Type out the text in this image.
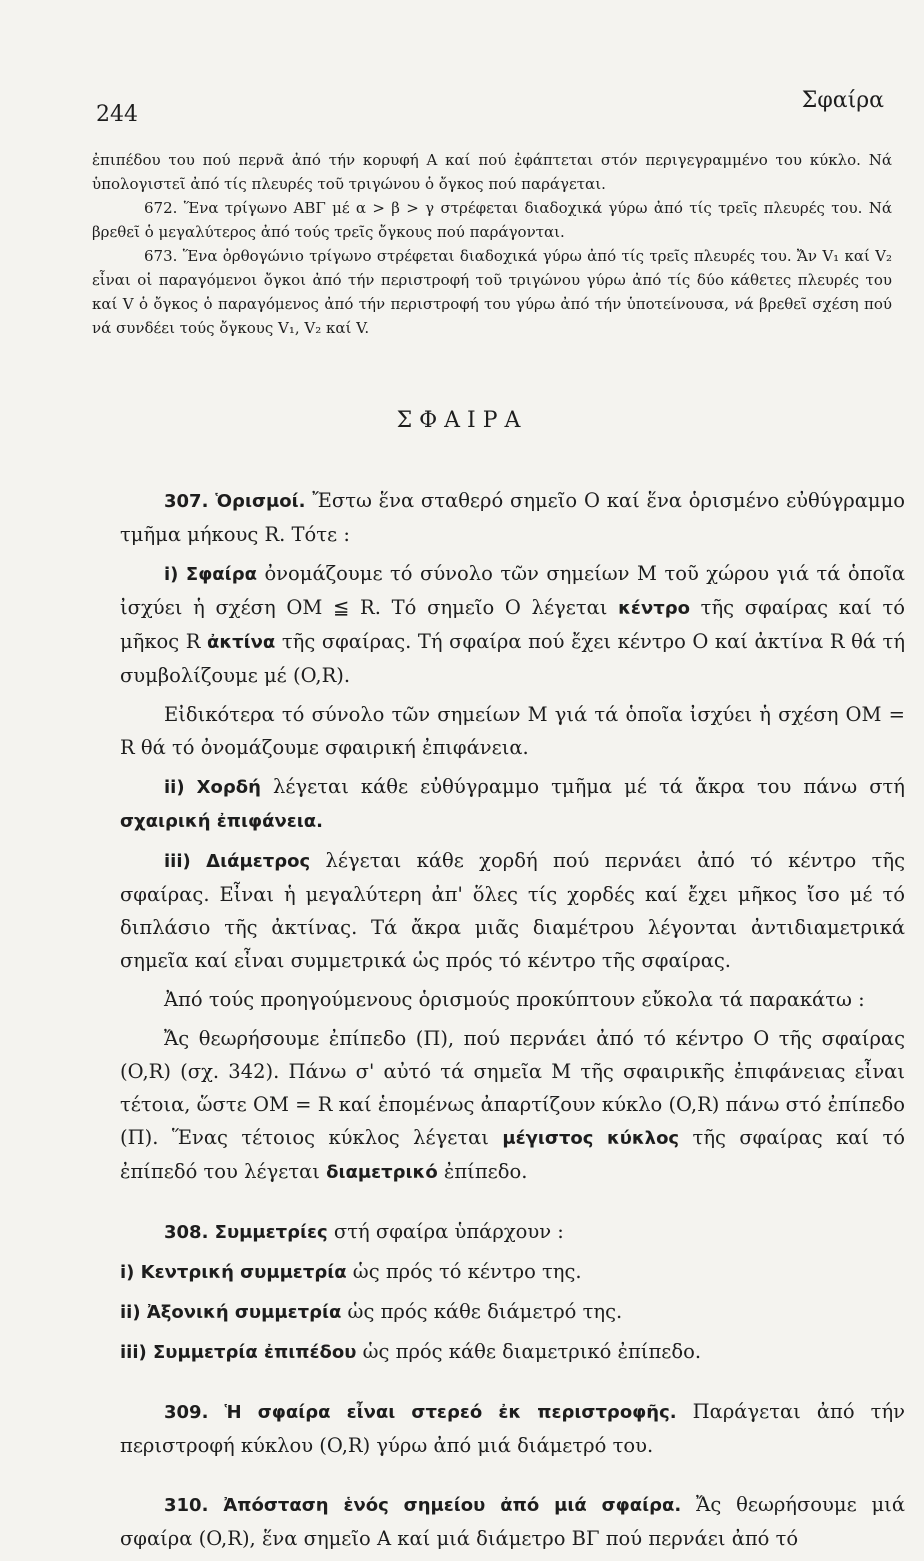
244
Σφαίρα

ἐπιπέδου του πού περνᾶ ἀπό τήν κορυφή Α καί πού ἐφάπτεται στόν περιγεγραμμένο του κύκλο. Νά ὑπολογιστεῖ ἀπό τίς πλευρές τοῦ τριγώνου ὁ ὄγκος πού παράγεται.

672. Ἕνα τρίγωνο ΑΒΓ μέ α > β > γ στρέφεται διαδοχικά γύρω ἀπό τίς τρεῖς πλευρές του. Νά βρεθεῖ ὁ μεγαλύτερος ἀπό τούς τρεῖς ὄγκους πού παράγονται.

673. Ἕνα ὀρθογώνιο τρίγωνο στρέφεται διαδοχικά γύρω ἀπό τίς τρεῖς πλευρές του. Ἄν V₁ καί V₂ εἶναι οἱ παραγόμενοι ὄγκοι ἀπό τήν περιστροφή τοῦ τριγώνου γύρω ἀπό τίς δύο κάθετες πλευρές του καί V ὁ ὄγκος ὁ παραγόμενος ἀπό τήν περιστροφή του γύρω ἀπό τήν ὑποτείνουσα, νά βρεθεῖ σχέση πού νά συνδέει τούς ὄγκους V₁, V₂ καί V.

ΣΦΑΙΡΑ

307. Ὁρισμοί. Ἔστω ἕνα σταθερό σημεῖο Ο καί ἕνα ὁρισμένο εὐθύγραμμο τμῆμα μήκους R. Τότε :

i) Σφαίρα ὀνομάζουμε τό σύνολο τῶν σημείων Μ τοῦ χώρου γιά τά ὁποῖα ἰσχύει ἡ σχέση ΟΜ ≦ R. Τό σημεῖο Ο λέγεται κέντρο τῆς σφαίρας καί τό μῆκος R ἀκτίνα τῆς σφαίρας. Τή σφαίρα πού ἔχει κέντρο Ο καί ἀκτίνα R θά τή συμβολίζουμε μέ (O,R).

Εἰδικότερα τό σύνολο τῶν σημείων Μ γιά τά ὁποῖα ἰσχύει ἡ σχέση ΟΜ = R θά τό ὀνομάζουμε σφαιρική ἐπιφάνεια.

ii) Χορδή λέγεται κάθε εὐθύγραμμο τμῆμα μέ τά ἄκρα του πάνω στή σχαιρική ἐπιφάνεια.

iii) Διάμετρος λέγεται κάθε χορδή πού περνάει ἀπό τό κέντρο τῆς σφαίρας. Εἶναι ἡ μεγαλύτερη ἀπ' ὅλες τίς χορδές καί ἔχει μῆκος ἴσο μέ τό διπλάσιο τῆς ἀκτίνας. Τά ἄκρα μιᾶς διαμέτρου λέγονται ἀντιδιαμετρικά σημεῖα καί εἶναι συμμετρικά ὡς πρός τό κέντρο τῆς σφαίρας.

Ἀπό τούς προηγούμενους ὁρισμούς προκύπτουν εὔκολα τά παρακάτω :

Ἄς θεωρήσουμε ἐπίπεδο (Π), πού περνάει ἀπό τό κέντρο Ο τῆς σφαίρας (O,R) (σχ. 342). Πάνω σ' αὐτό τά σημεῖα Μ τῆς σφαιρικῆς ἐπιφάνειας εἶναι τέτοια, ὥστε ΟΜ = R καί ἑπομένως ἀπαρτίζουν κύκλο (O,R) πάνω στό ἐπίπεδο (Π). Ἕνας τέτοιος κύκλος λέγεται μέγιστος κύκλος τῆς σφαίρας καί τό ἐπίπεδό του λέγεται διαμετρικό ἐπίπεδο.

308. Συμμετρίες στή σφαίρα ὑπάρχουν :

i) Κεντρική συμμετρία ὡς πρός τό κέντρο της.

ii) Ἀξονική συμμετρία ὡς πρός κάθε διάμετρό της.

iii) Συμμετρία ἐπιπέδου ὡς πρός κάθε διαμετρικό ἐπίπεδο.

309. Ἡ σφαίρα εἶναι στερεό ἐκ περιστροφῆς. Παράγεται ἀπό τήν περιστροφή κύκλου (O,R) γύρω ἀπό μιά διάμετρό του.

310. Ἀπόσταση ἑνός σημείου ἀπό μιά σφαίρα. Ἄς θεωρήσουμε μιά σφαίρα (O,R), ἕνα σημεῖο Α καί μιά διάμετρο ΒΓ πού περνάει ἀπό τό
